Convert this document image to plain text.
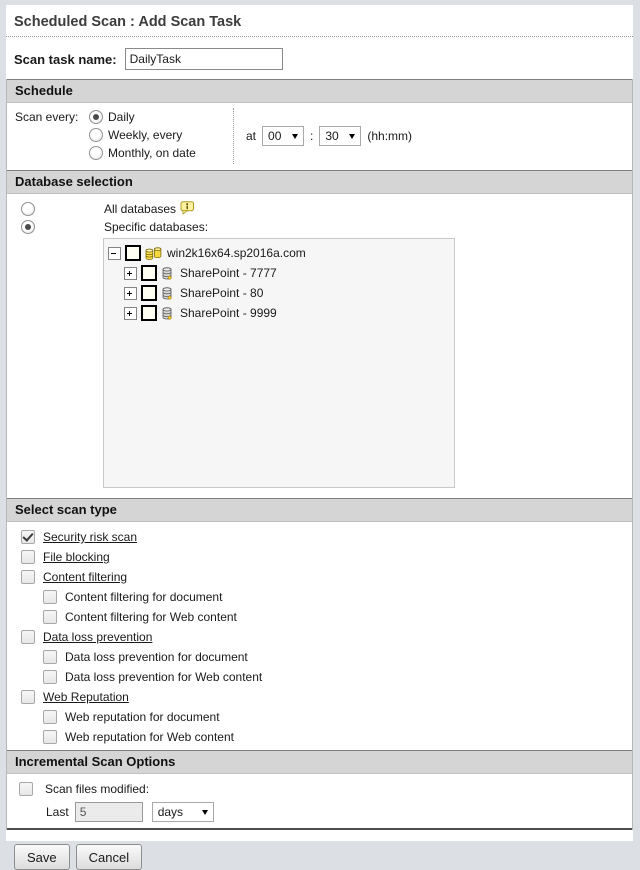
Scheduled Scan : Add Scan Task
Scan task name:
DailyTask
Schedule
Scan every:	Daily
Weekly, every
Monthly, on date
at 00 : 30 (hh:mm)
Database selection
All databases
Specific databases:
win2k16x64.sp2016a.com
SharePoint - 7777
SharePoint - 80
SharePoint - 9999
Select scan type
Security risk scan
File blocking
Content filtering
Content filtering for document
Content filtering for Web content
Data loss prevention
Data loss prevention for document
Data loss prevention for Web content
Web Reputation
Web reputation for document
Web reputation for Web content
Incremental Scan Options
Scan files modified:
Last
5	days
Save	Cancel
